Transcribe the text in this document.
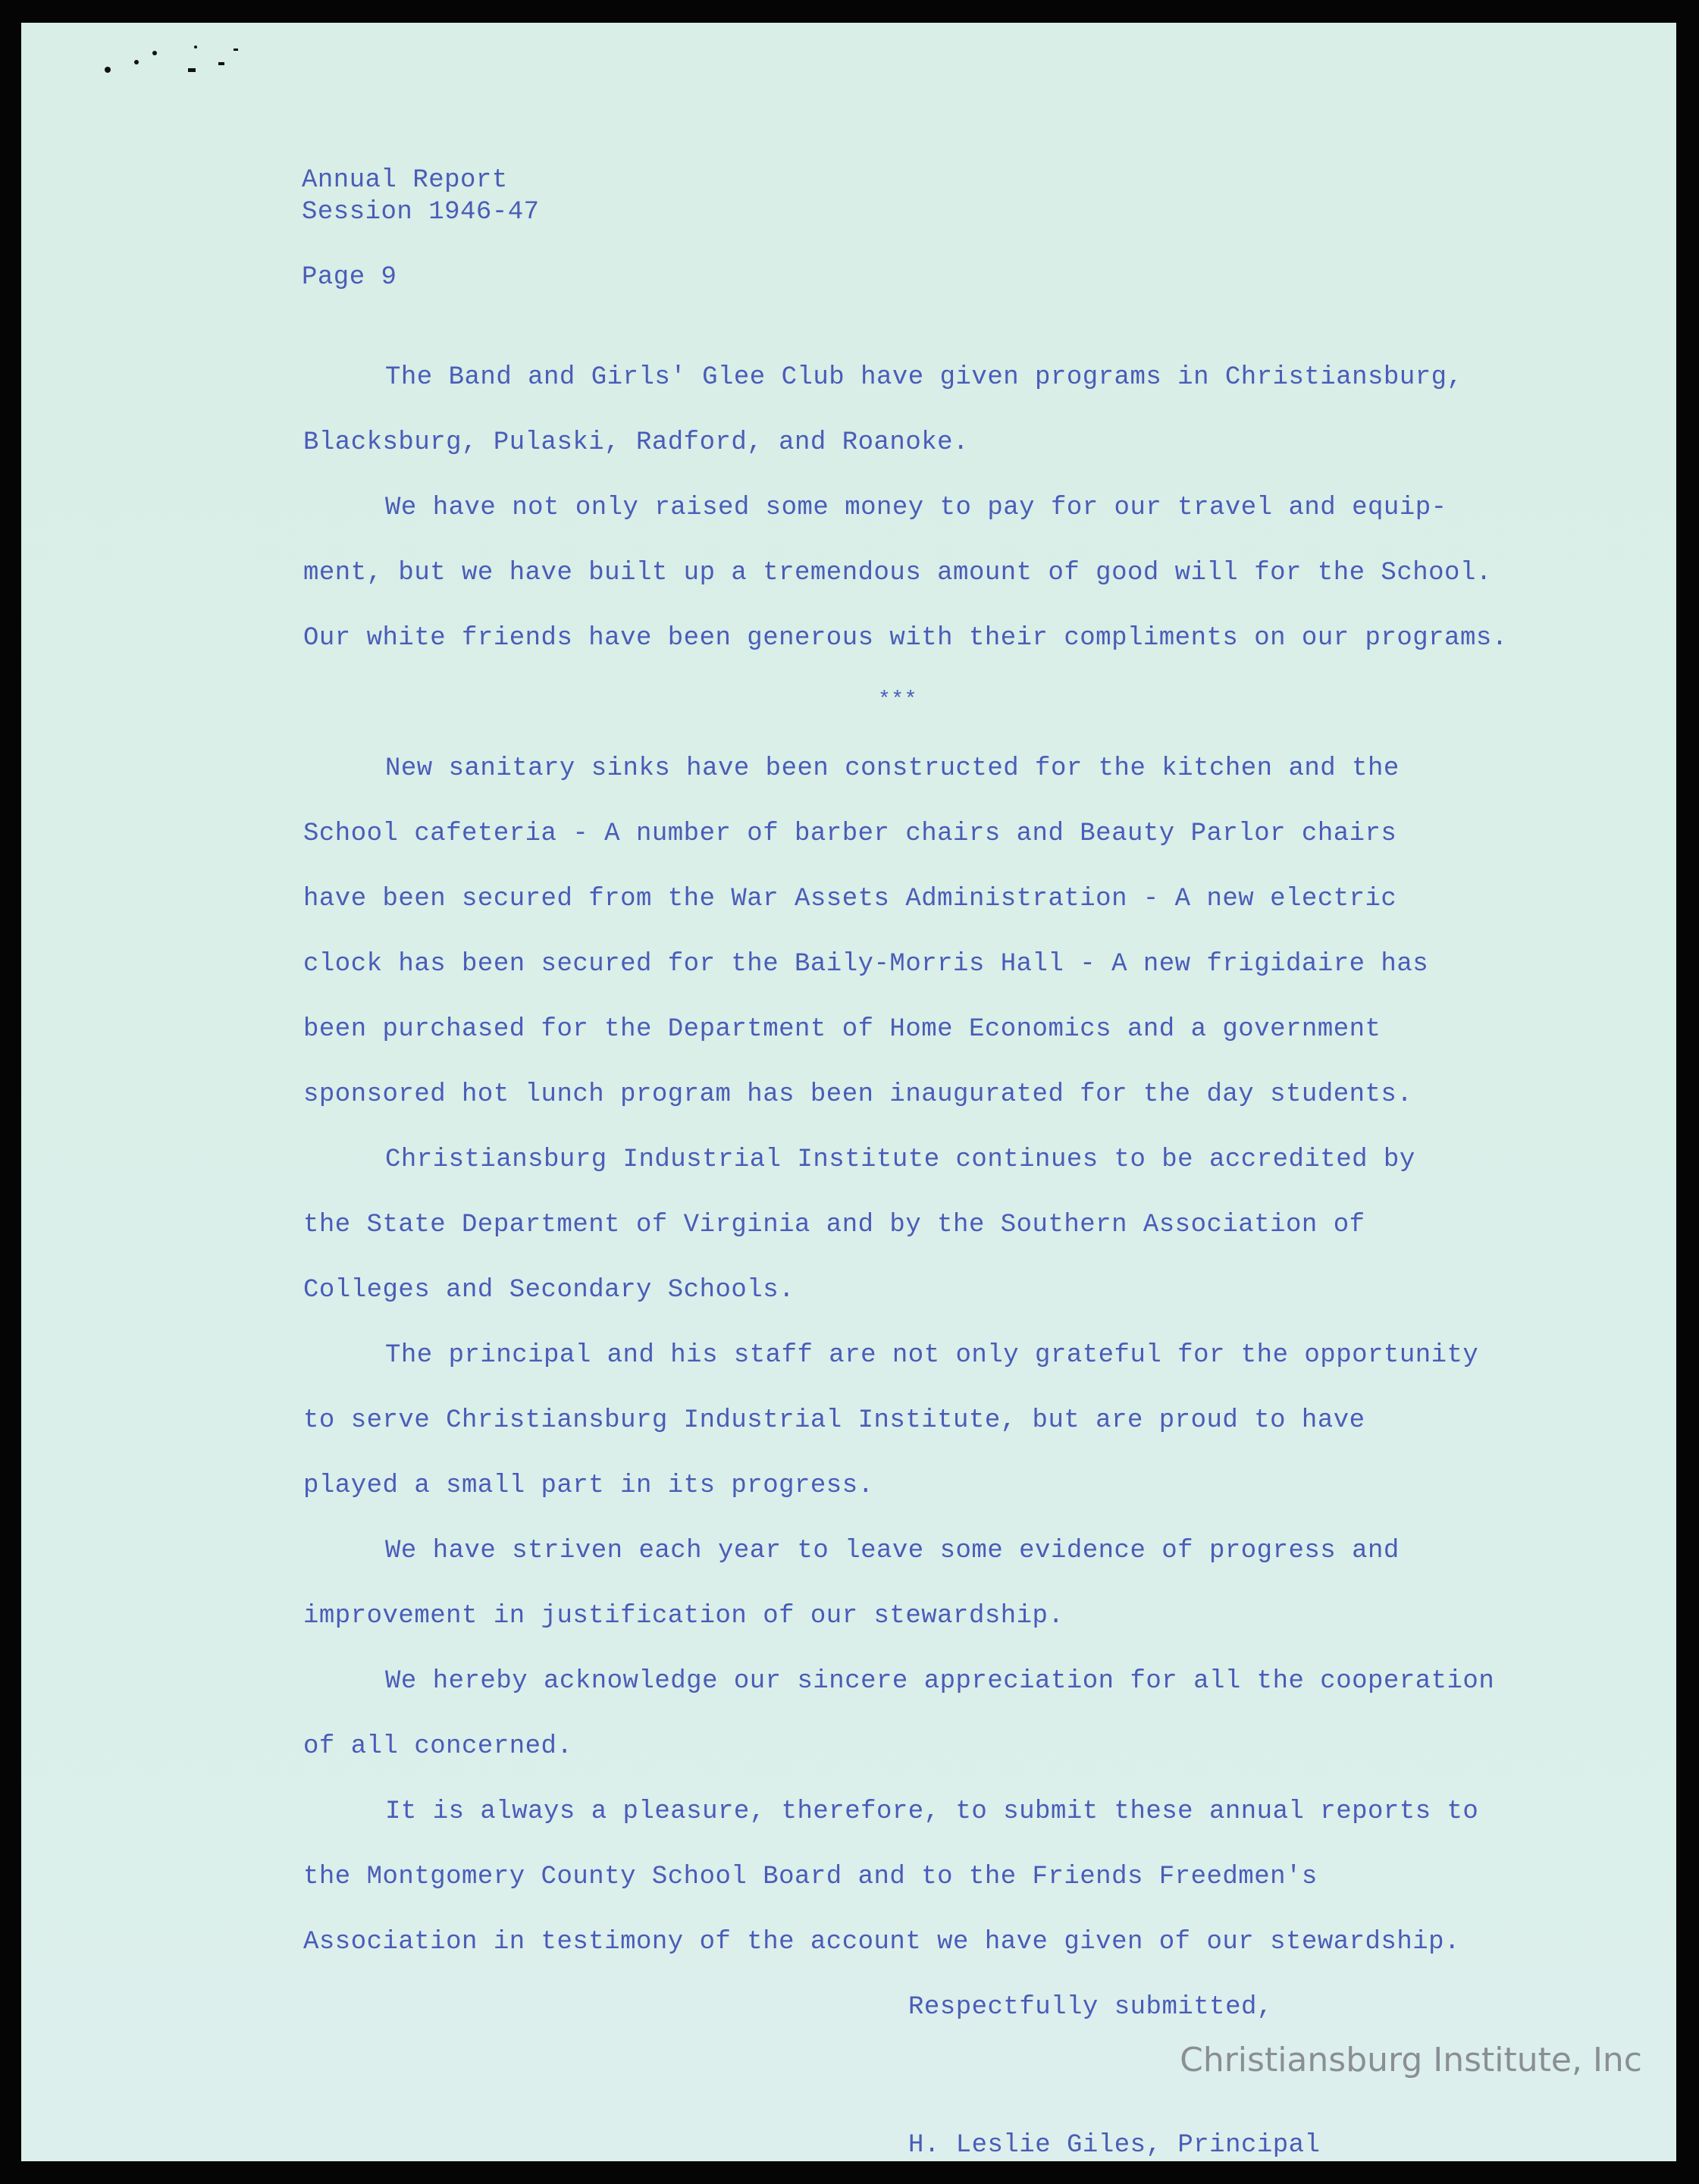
Annual Report
Session 1946-47
Page 9
The Band and Girls' Glee Club have given programs in Christiansburg,
Blacksburg, Pulaski, Radford, and Roanoke.
We have not only raised some money to pay for our travel and equip-
ment, but we have built up a tremendous amount of good will for the School.
Our white friends have been generous with their compliments on our programs.
***
New sanitary sinks have been constructed for the kitchen and the
School cafeteria - A number of barber chairs and Beauty Parlor chairs
have been secured from the War Assets Administration - A new electric
clock has been secured for the Baily-Morris Hall - A new frigidaire has
been purchased for the Department of Home Economics and a government
sponsored hot lunch program has been inaugurated for the day students.
Christiansburg Industrial Institute continues to be accredited by
the State Department of Virginia and by the Southern Association of
Colleges and Secondary Schools.
The principal and his staff are not only grateful for the opportunity
to serve Christiansburg Industrial Institute, but are proud to have
played a small part in its progress.
We have striven each year to leave some evidence of progress and
improvement in justification of our stewardship.
We hereby acknowledge our sincere appreciation for all the cooperation
of all concerned.
It is always a pleasure, therefore, to submit these annual reports to
the Montgomery County School Board and to the Friends Freedmen's
Association in testimony of the account we have given of our stewardship.
Respectfully submitted,
H. Leslie Giles, Principal
Christiansburg Institute, Inc
